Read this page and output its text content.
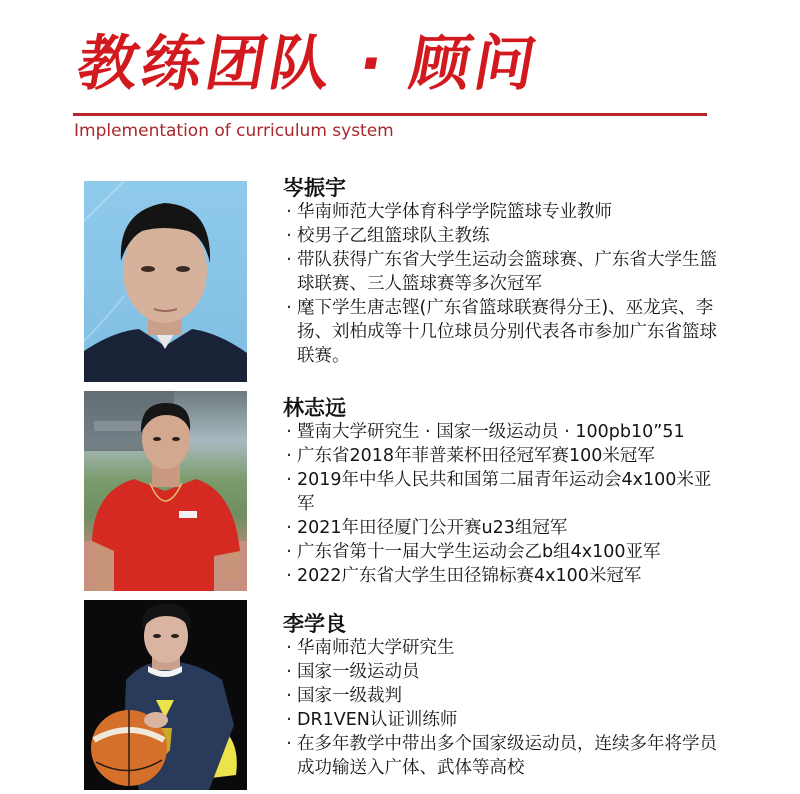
教练团队 · 顾问
Implementation of curriculum system
岑振宇
· 华南师范大学体育科学学院篮球专业教师
· 校男子乙组篮球队主教练
· 带队获得广东省大学生运动会篮球赛、广东省大学生篮球联赛、三人篮球赛等多次冠军
· 麾下学生唐志铿(广东省篮球联赛得分王)、巫龙宾、李扬、刘柏成等十几位球员分别代表各市参加广东省篮球联赛。
林志远
· 暨南大学研究生 · 国家一级运动员 · 100pb10”51
· 广东省2018年菲普莱杯田径冠军赛100米冠军
· 2019年中华人民共和国第二届青年运动会4x100米亚军
· 2021年田径厦门公开赛u23组冠军
· 广东省第十一届大学生运动会乙b组4x100亚军
· 2022广东省大学生田径锦标赛4x100米冠军
李学良
· 华南师范大学研究生
· 国家一级运动员
· 国家一级裁判
· DR1VEN认证训练师
· 在多年教学中带出多个国家级运动员，连续多年将学员成功输送入广体、武体等高校
